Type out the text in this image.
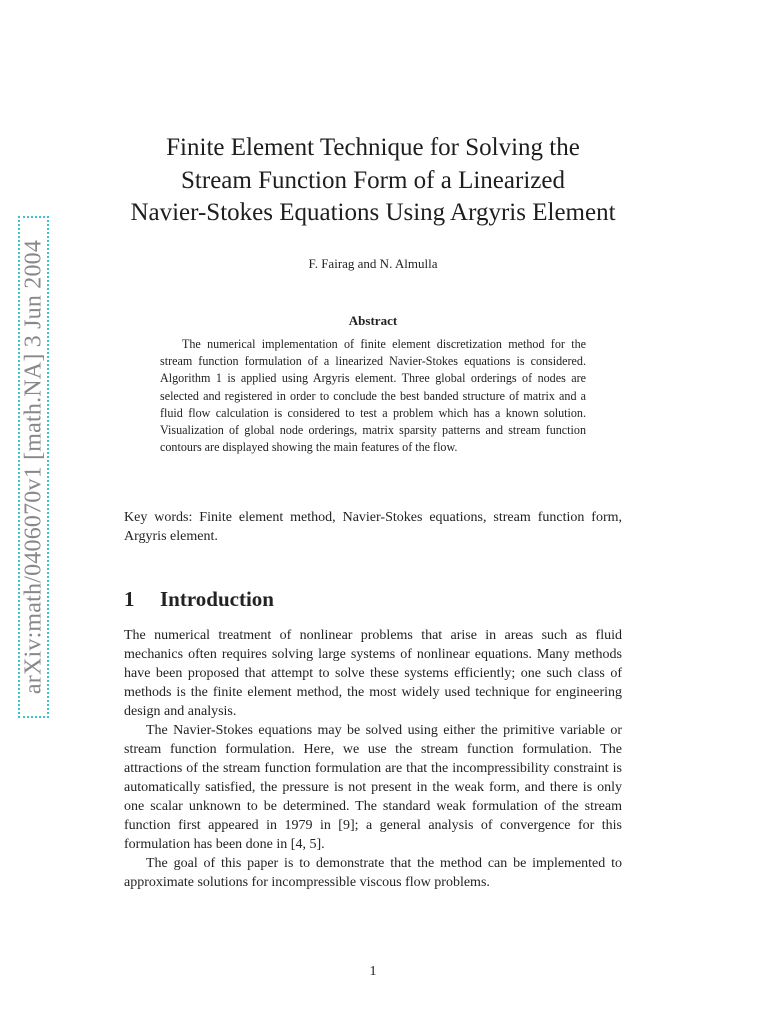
arXiv:math/0406070v1 [math.NA] 3 Jun 2004
Finite Element Technique for Solving the
Stream Function Form of a Linearized
Navier-Stokes Equations Using Argyris Element
F. Fairag and N. Almulla
Abstract
The numerical implementation of finite element discretization method for the stream function formulation of a linearized Navier-Stokes equations is considered. Algorithm 1 is applied using Argyris element. Three global orderings of nodes are selected and registered in order to conclude the best banded structure of matrix and a fluid flow calculation is considered to test a problem which has a known solution. Visualization of global node orderings, matrix sparsity patterns and stream function contours are displayed showing the main features of the flow.
Key words: Finite element method, Navier-Stokes equations, stream function form, Argyris element.
1 Introduction

The numerical treatment of nonlinear problems that arise in areas such as fluid mechanics often requires solving large systems of nonlinear equations. Many methods have been proposed that attempt to solve these systems efficiently; one such class of methods is the finite element method, the most widely used technique for engineering design and analysis.

The Navier-Stokes equations may be solved using either the primitive variable or stream function formulation. Here, we use the stream function formulation. The attractions of the stream function formulation are that the incompressibility constraint is automatically satisfied, the pressure is not present in the weak form, and there is only one scalar unknown to be determined. The standard weak formulation of the stream function first appeared in 1979 in [9]; a general analysis of convergence for this formulation has been done in [4, 5].

The goal of this paper is to demonstrate that the method can be implemented to approximate solutions for incompressible viscous flow problems.

1
